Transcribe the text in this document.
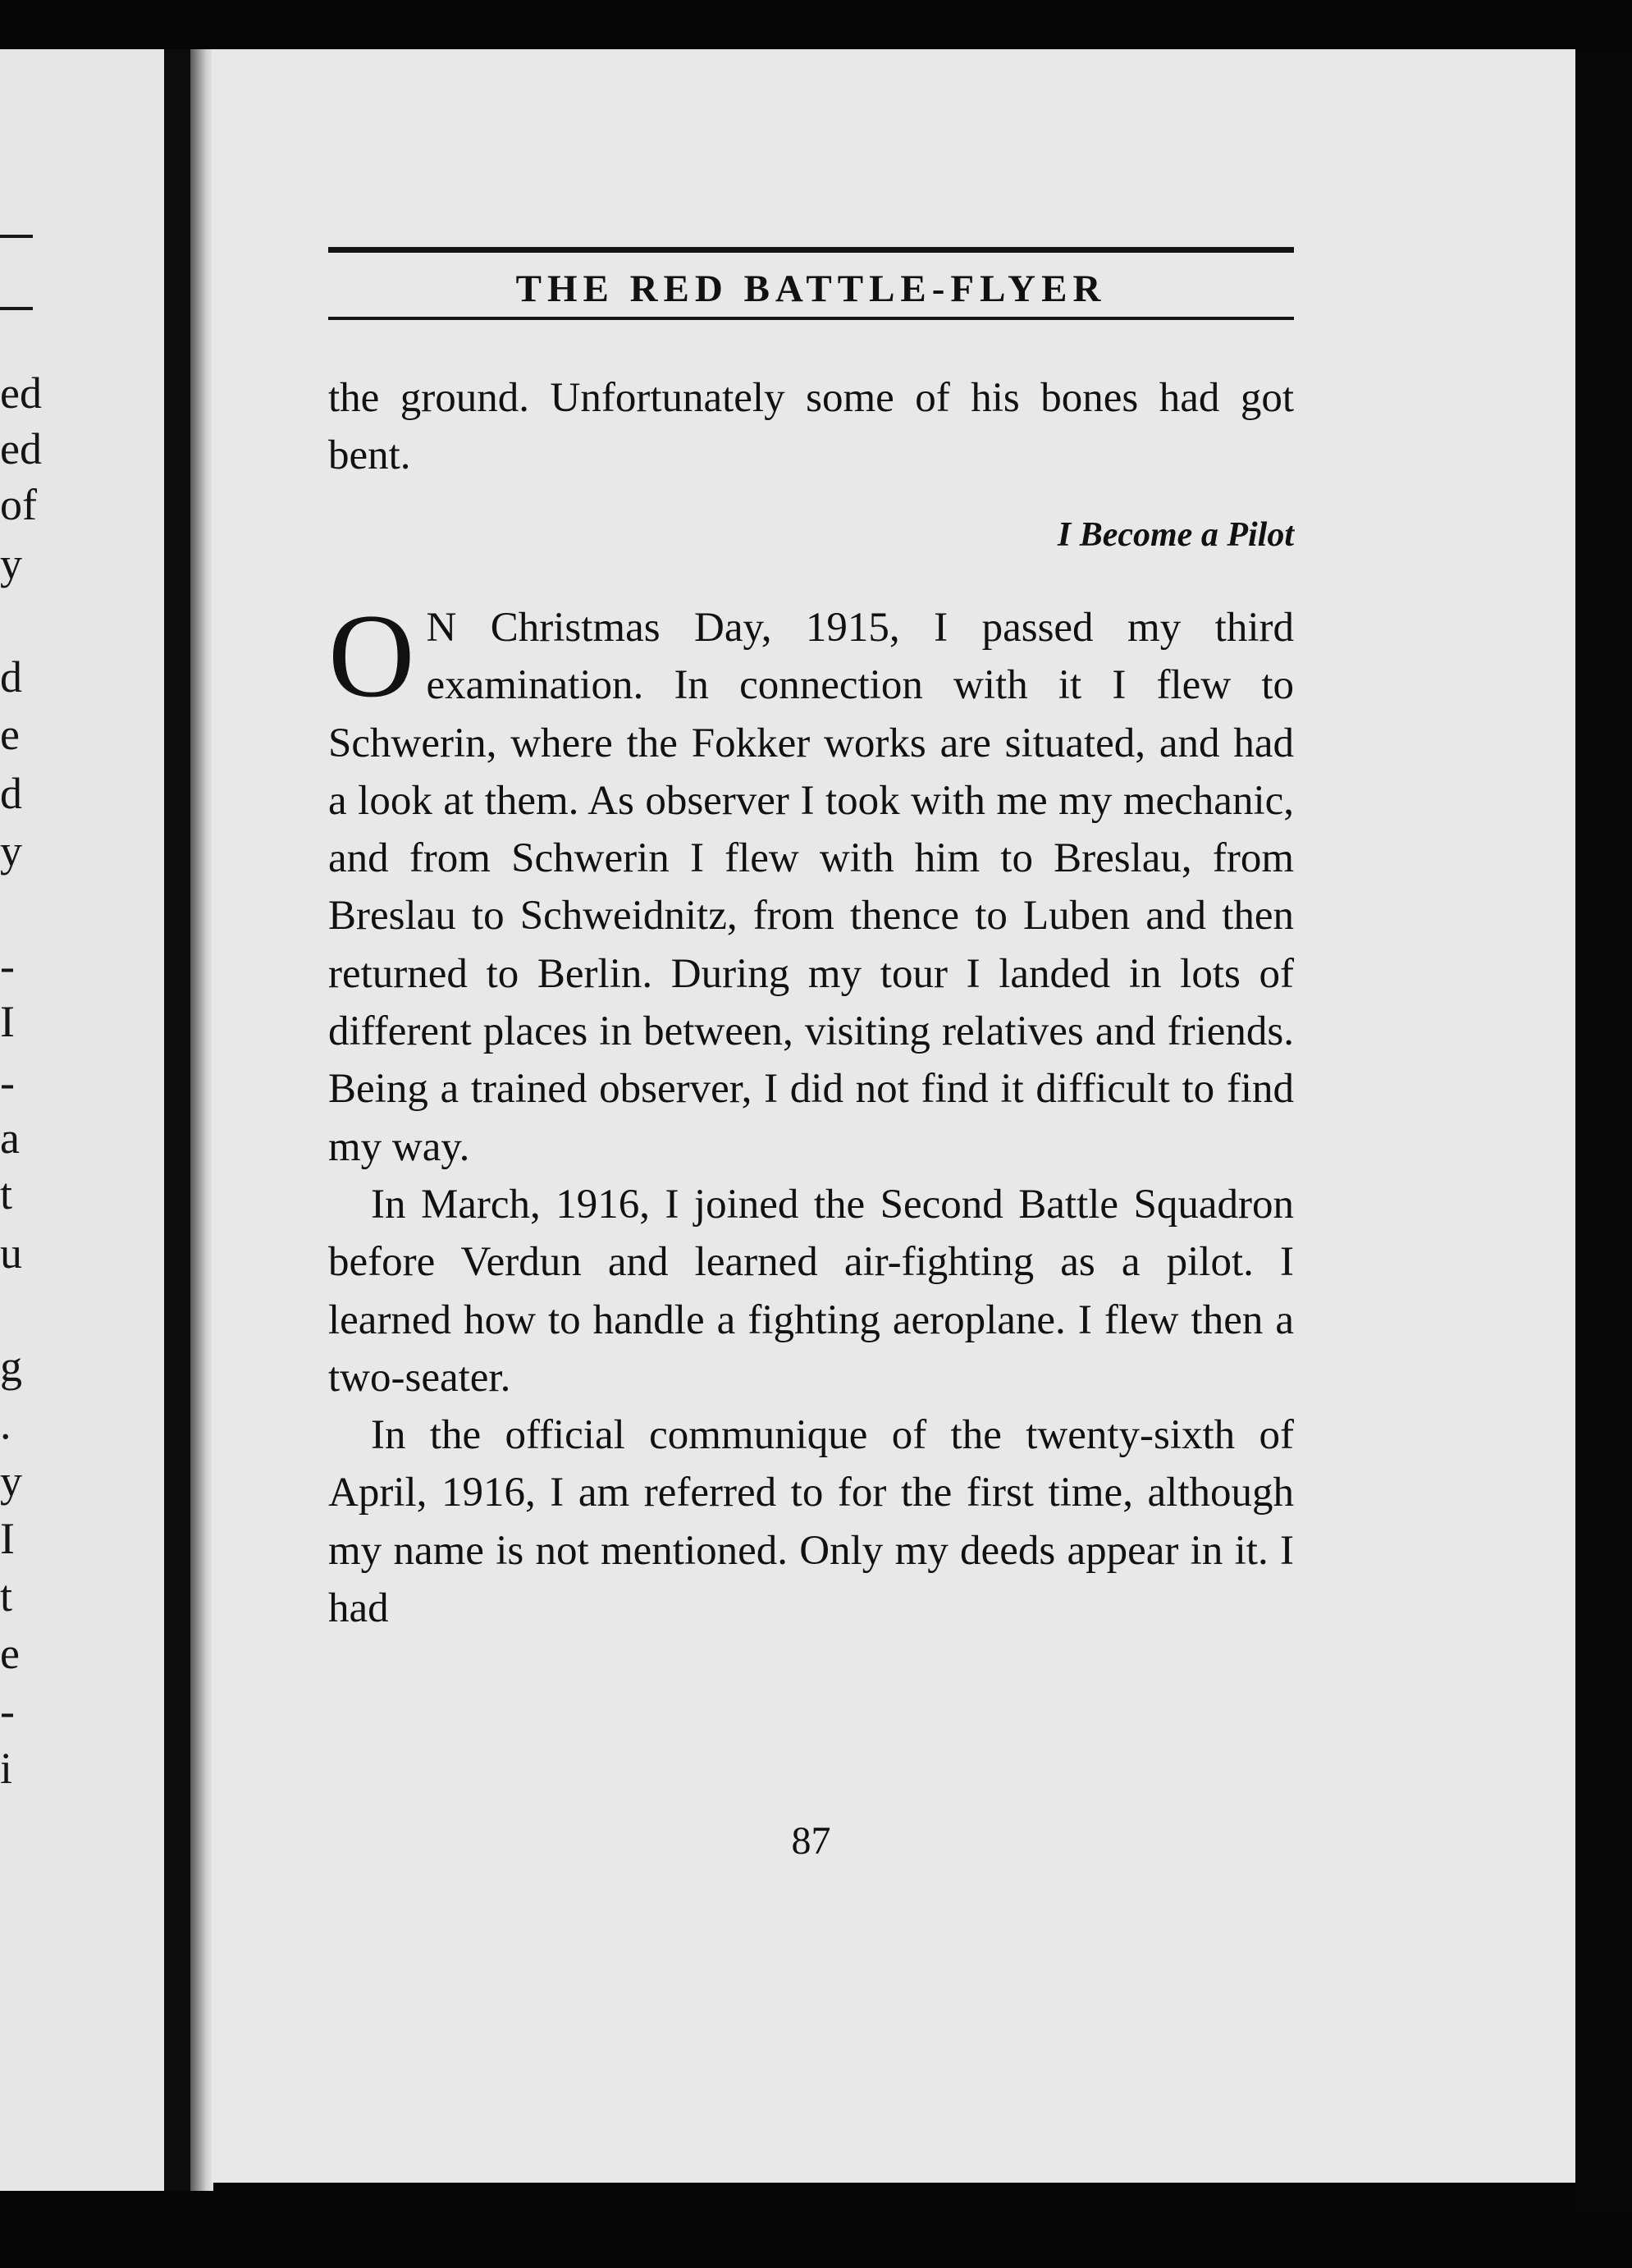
ed
ed
of
y
d
e
d
y
-
I
-
a
t
u
g
.
y
I
t
e
-
i
THE RED BATTLE-FLYER

the ground. Unfortunately some of his bones had got bent.

I Become a Pilot

O N Christmas Day, 1915, I passed my third examination. In connection with it I flew to Schwerin, where the Fokker works are situated, and had a look at them. As observer I took with me my mechanic, and from Schwerin I flew with him to Breslau, from Breslau to Schweidnitz, from thence to Luben and then returned to Berlin. During my tour I landed in lots of different places in between, visiting relatives and friends. Being a trained observer, I did not find it difficult to find my way.

In March, 1916, I joined the Second Battle Squadron before Verdun and learned air-fighting as a pilot. I learned how to handle a fighting aeroplane. I flew then a two-seater.

In the official communique of the twenty-sixth of April, 1916, I am referred to for the first time, although my name is not mentioned. Only my deeds appear in it. I had

87
